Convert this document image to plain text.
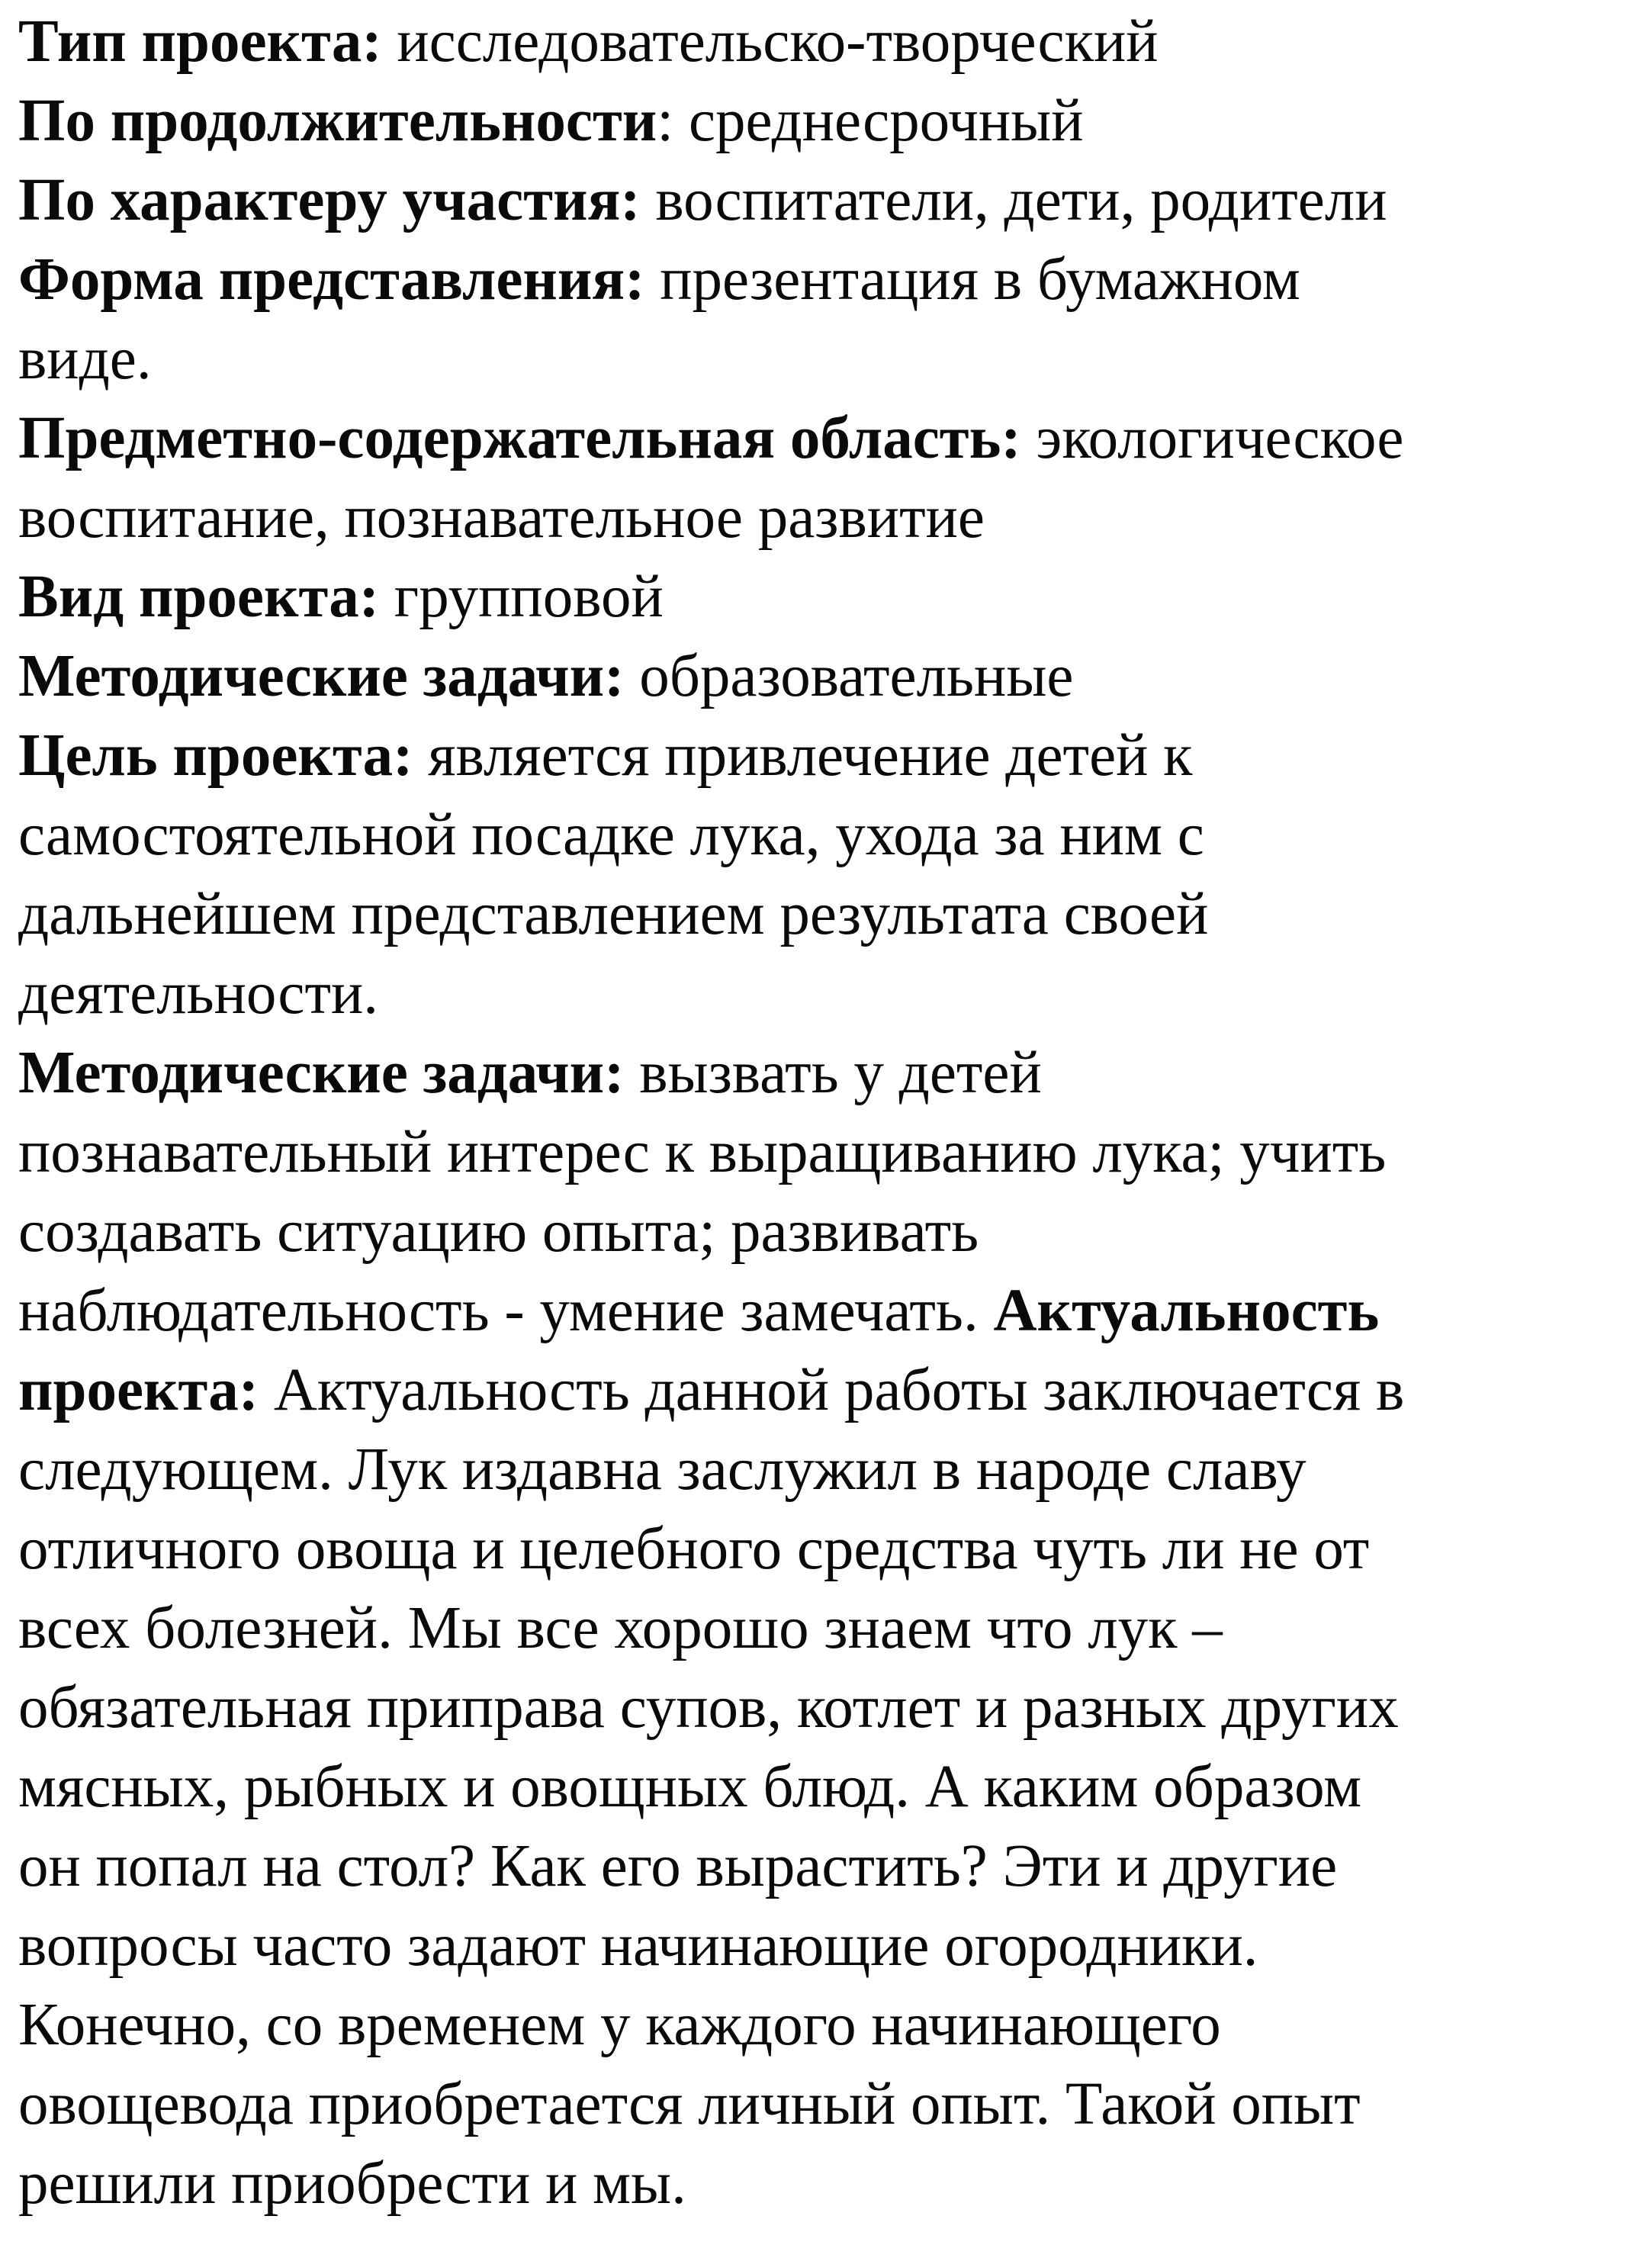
Тип проекта: исследовательско-творческий

По продолжительности: среднесрочный

По характеру участия: воспитатели, дети, родители

Форма представления: презентация в бумажном

виде.

Предметно-содержательная область: экологическое

воспитание, познавательное развитие

Вид проекта: групповой

Методические задачи: образовательные

Цель проекта: является привлечение детей к

самостоятельной посадке лука, ухода за ним с

дальнейшем представлением результата своей

деятельности.

Методические задачи: вызвать у детей

познавательный интерес к выращиванию лука; учить

создавать ситуацию опыта; развивать

наблюдательность - умение замечать. Актуальность

проекта: Актуальность данной работы заключается в

следующем. Лук издавна заслужил в народе славу

отличного овоща и целебного средства чуть ли не от

всех болезней. Мы все хорошо знаем что лук –

обязательная приправа супов, котлет и разных других

мясных, рыбных и овощных блюд. А каким образом

он попал на стол? Как его вырастить? Эти и другие

вопросы часто задают начинающие огородники.

Конечно, со временем у каждого начинающего

овощевода приобретается личный опыт. Такой опыт

решили приобрести и мы.
